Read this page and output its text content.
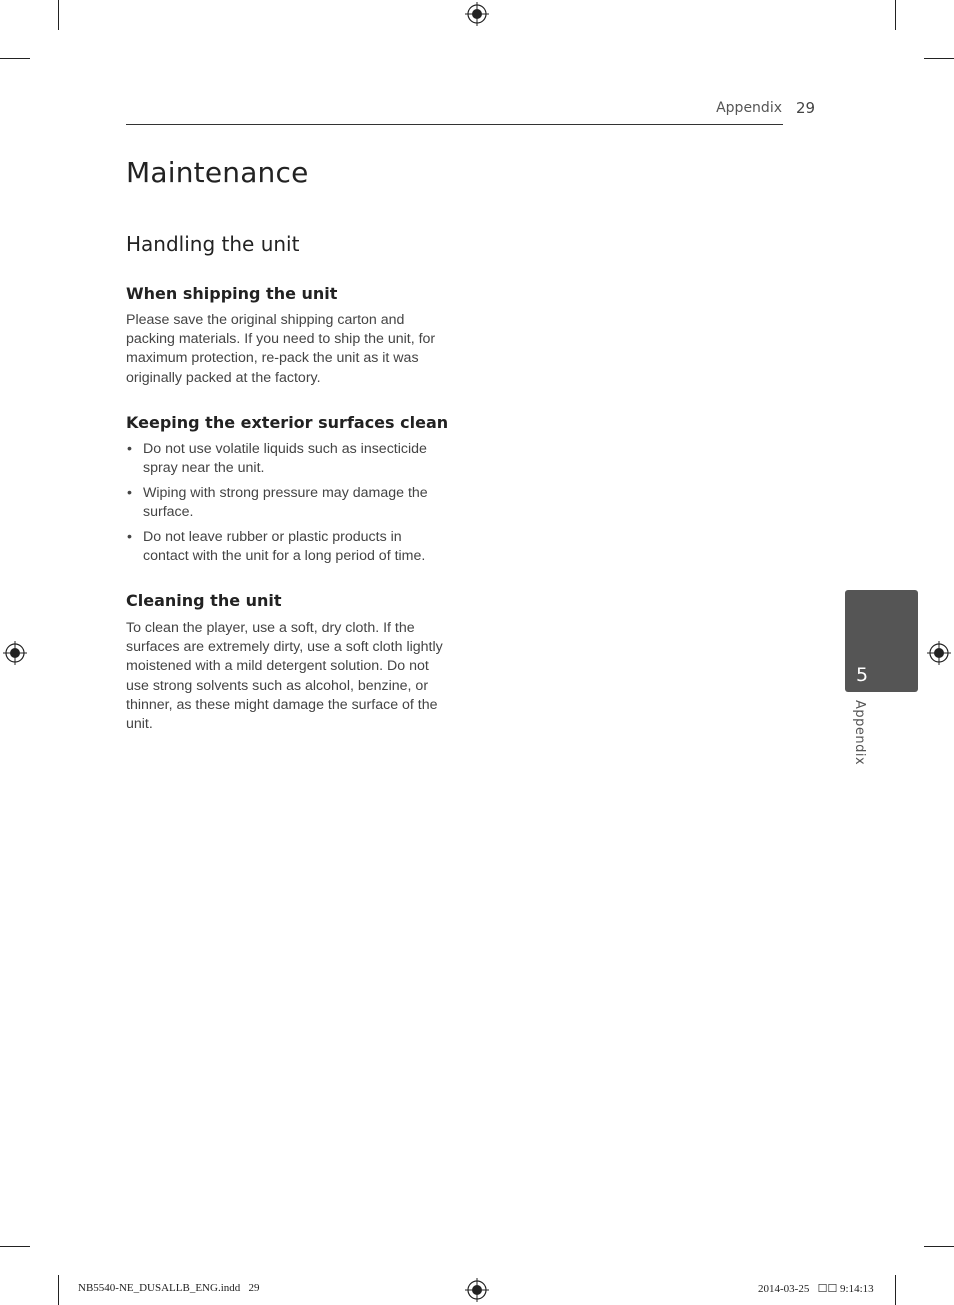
Appendix 29
Maintenance
Handling the unit
When shipping the unit
Please save the original shipping carton and
packing materials. If you need to ship the unit, for
maximum protection, re-pack the unit as it was
originally packed at the factory.
Keeping the exterior surfaces clean
• Do not use volatile liquids such as insecticide
spray near the unit.
• Wiping with strong pressure may damage the
surface.
• Do not leave rubber or plastic products in
contact with the unit for a long period of time.
Cleaning the unit
To clean the player, use a soft, dry cloth. If the
surfaces are extremely dirty, use a soft cloth lightly
moistened with a mild detergent solution. Do not
use strong solvents such as alcohol, benzine, or
thinner, as these might damage the surface of the
unit.
5
Appendix
NB5540-NE_DUSALLB_ENG.indd   29	2014-03-25   ☐☐ 9:14:13
